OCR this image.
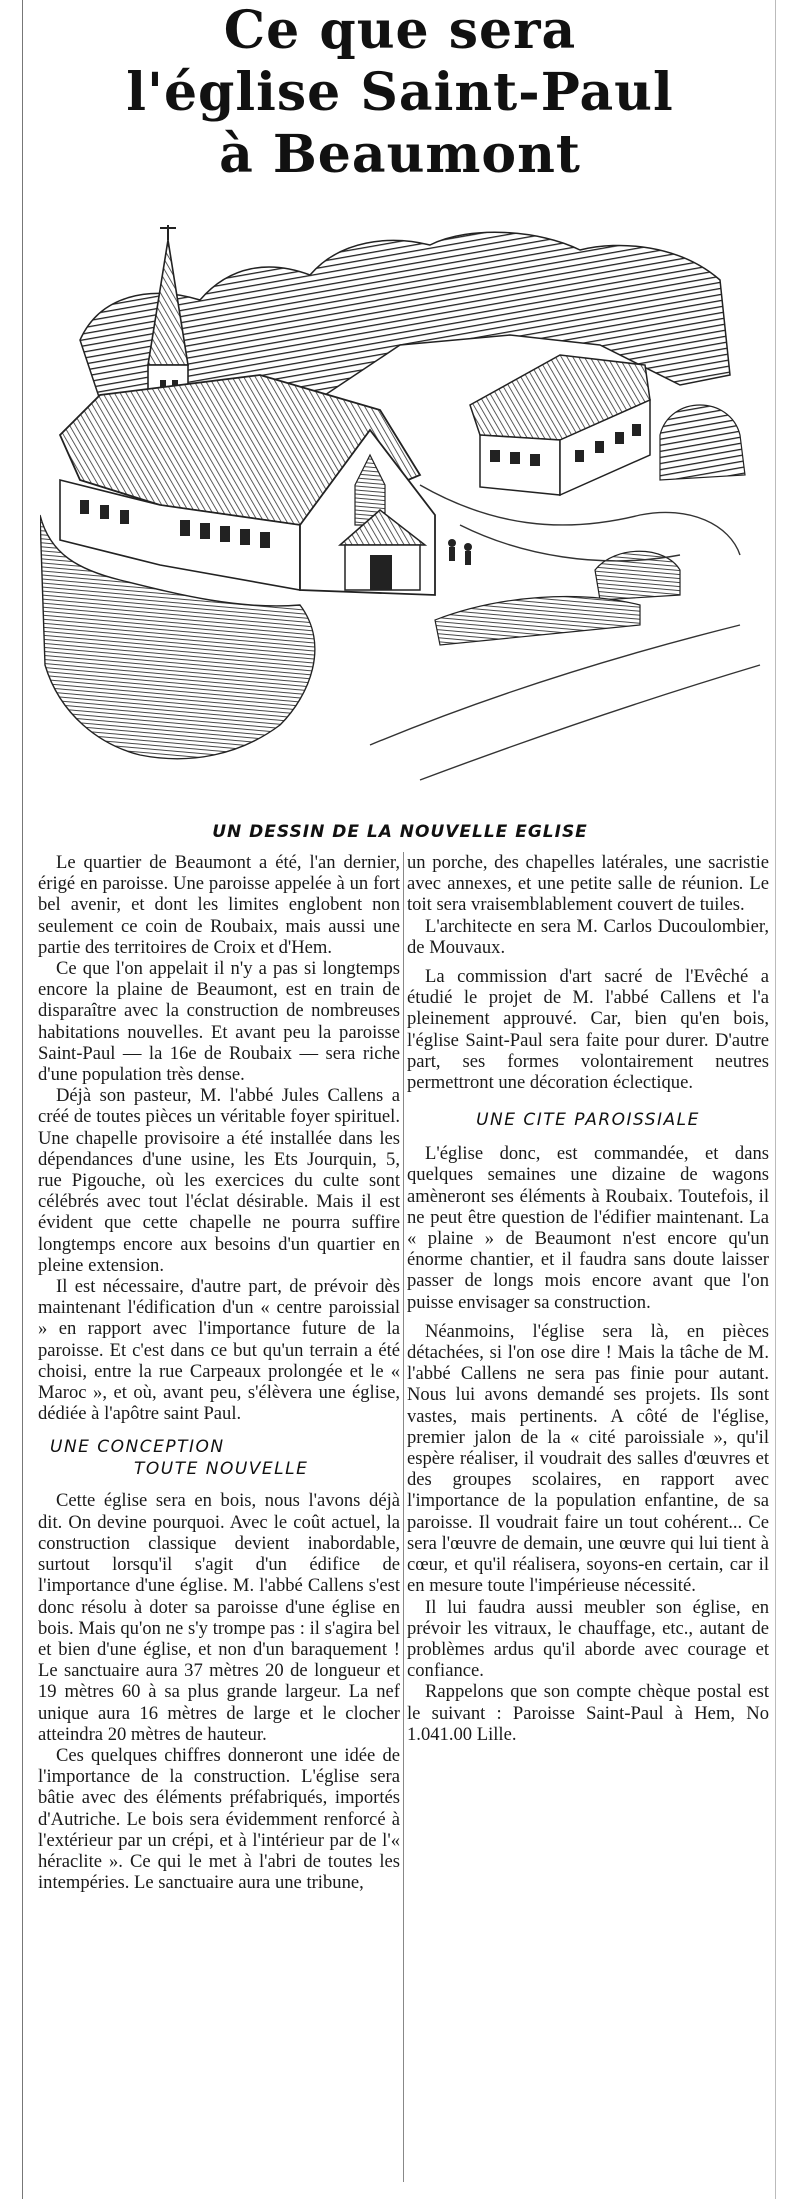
Ce que sera
l'église Saint-Paul
à Beaumont
UN DESSIN DE LA NOUVELLE EGLISE

Le quartier de Beaumont a été, l'an dernier, érigé en paroisse. Une paroisse appelée à un fort bel avenir, et dont les limites englobent non seulement ce coin de Roubaix, mais aussi une partie des territoires de Croix et d'Hem.

Ce que l'on appelait il n'y a pas si longtemps encore la plaine de Beaumont, est en train de disparaître avec la construction de nombreuses habitations nouvelles. Et avant peu la paroisse Saint-Paul — la 16e de Roubaix — sera riche d'une population très dense.

Déjà son pasteur, M. l'abbé Jules Callens a créé de toutes pièces un véritable foyer spirituel. Une chapelle provisoire a été installée dans les dépendances d'une usine, les Ets Jourquin, 5, rue Pigouche, où les exercices du culte sont célébrés avec tout l'éclat désirable. Mais il est évident que cette chapelle ne pourra suffire longtemps encore aux besoins d'un quartier en pleine extension.

Il est nécessaire, d'autre part, de prévoir dès maintenant l'édification d'un « centre paroissial » en rapport avec l'importance future de la paroisse. Et c'est dans ce but qu'un terrain a été choisi, entre la rue Carpeaux prolongée et le « Maroc », et où, avant peu, s'élèvera une église, dédiée à l'apôtre saint Paul.

UNE CONCEPTION
TOUTE NOUVELLE

Cette église sera en bois, nous l'avons déjà dit. On devine pourquoi. Avec le coût actuel, la construction classique devient inabordable, surtout lorsqu'il s'agit d'un édifice de l'importance d'une église. M. l'abbé Callens s'est donc résolu à doter sa paroisse d'une église en bois. Mais qu'on ne s'y trompe pas : il s'agira bel et bien d'une église, et non d'un baraquement ! Le sanctuaire aura 37 mètres 20 de longueur et 19 mètres 60 à sa plus grande largeur. La nef unique aura 16 mètres de large et le clocher atteindra 20 mètres de hauteur.

Ces quelques chiffres donneront une idée de l'importance de la construction. L'église sera bâtie avec des éléments préfabriqués, importés d'Autriche. Le bois sera évidemment renforcé à l'extérieur par un crépi, et à l'intérieur par de l'« héraclite ». Ce qui le met à l'abri de toutes les intempéries. Le sanctuaire aura une tribune,

un porche, des chapelles latérales, une sacristie avec annexes, et une petite salle de réunion. Le toit sera vraisemblablement couvert de tuiles.

L'architecte en sera M. Carlos Ducoulombier, de Mouvaux.

La commission d'art sacré de l'Evêché a étudié le projet de M. l'abbé Callens et l'a pleinement approuvé. Car, bien qu'en bois, l'église Saint-Paul sera faite pour durer. D'autre part, ses formes volontairement neutres permettront une décoration éclectique.

UNE CITE PAROISSIALE

L'église donc, est commandée, et dans quelques semaines une dizaine de wagons amèneront ses éléments à Roubaix. Toutefois, il ne peut être question de l'édifier maintenant. La « plaine » de Beaumont n'est encore qu'un énorme chantier, et il faudra sans doute laisser passer de longs mois encore avant que l'on puisse envisager sa construction.

Néanmoins, l'église sera là, en pièces détachées, si l'on ose dire ! Mais la tâche de M. l'abbé Callens ne sera pas finie pour autant. Nous lui avons demandé ses projets. Ils sont vastes, mais pertinents. A côté de l'église, premier jalon de la « cité paroissiale », qu'il espère réaliser, il voudrait des salles d'œuvres et des groupes scolaires, en rapport avec l'importance de la population enfantine, de sa paroisse. Il voudrait faire un tout cohérent... Ce sera l'œuvre de demain, une œuvre qui lui tient à cœur, et qu'il réalisera, soyons-en certain, car il en mesure toute l'impérieuse nécessité.

Il lui faudra aussi meubler son église, en prévoir les vitraux, le chauffage, etc., autant de problèmes ardus qu'il aborde avec courage et confiance.

Rappelons que son compte chèque postal est le suivant : Paroisse Saint-Paul à Hem, No 1.041.00 Lille.
